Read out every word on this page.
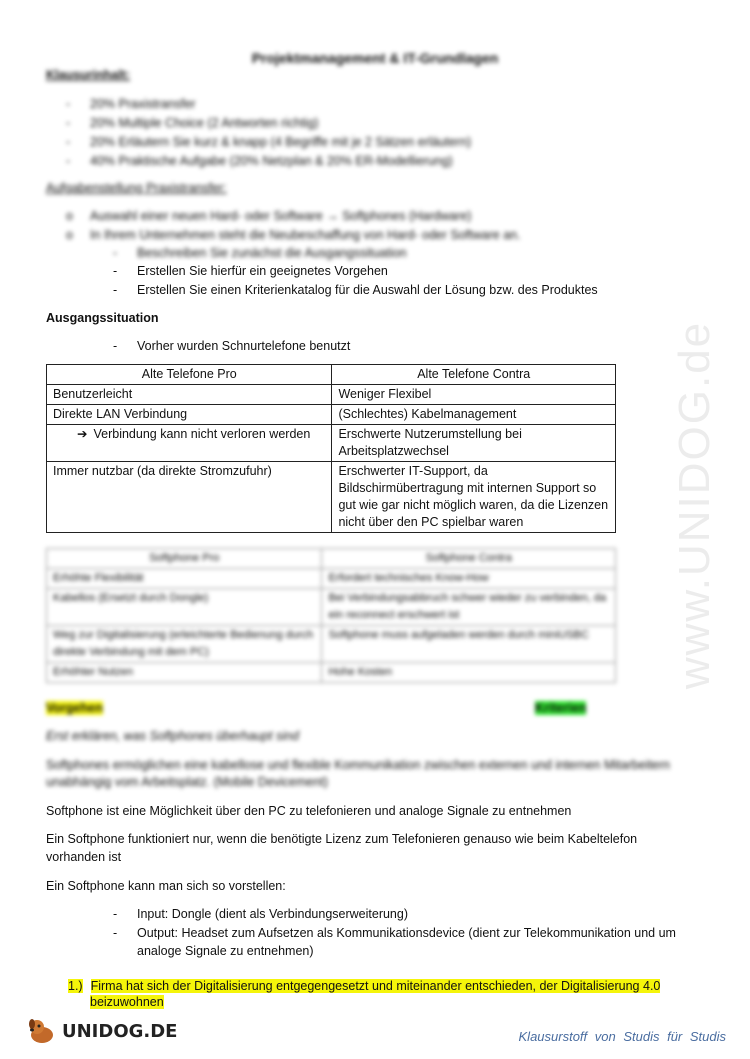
www.UNIDOG.de
Projektmanagement & IT-Grundlagen
Klausurinhalt:
- 20% Praxistransfer
- 20% Multiple Choice (2 Antworten richtig)
- 20% Erläutern Sie kurz & knapp (4 Begriffe mit je 2 Sätzen erläutern)
- 40% Praktische Aufgabe (20% Netzplan & 20% ER-Modellierung)
Aufgabenstellung Praxistransfer:
o Auswahl einer neuen Hard- oder Software → Softphones (Hardware)
o In Ihrem Unternehmen steht die Neubeschaffung von Hard- oder Software an.
- Beschreiben Sie zunächst die Ausgangssituation
- Erstellen Sie hierfür ein geeignetes Vorgehen
- Erstellen Sie einen Kriterienkatalog für die Auswahl der Lösung bzw. des Produktes
Ausgangssituation
- Vorher wurden Schnurtelefone benutzt
Alte Telefone Pro	Alte Telefone Contra
Benutzerleicht	Weniger Flexibel
Direkte LAN Verbindung	(Schlechtes) Kabelmanagement
➔ Verbindung kann nicht verloren werden	Erschwerte Nutzerumstellung bei Arbeitsplatzwechsel
Immer nutzbar (da direkte Stromzufuhr)	Erschwerter IT-Support, da Bildschirmübertragung mit internen Support so gut wie gar nicht möglich waren, da die Lizenzen nicht über den PC spielbar waren
Softphone Pro	Softphone Contra
Erhöhte Flexibilität	Erfordert technisches Know-How
Kabellos (Ersetzt durch Dongle)	Bei Verbindungsabbruch schwer wieder zu verbinden, da ein reconnect erschwert ist
Weg zur Digitalisierung (erleichterte Bedienung durch direkte Verbindung mit dem PC)	Softphone muss aufgeladen werden durch miniUSBC
Erhöhter Nutzen	Hohe Kosten
Vorgehen	Kriterien
Erst erklären, was Softphones überhaupt sind
Softphones ermöglichen eine kabellose und flexible Kommunikation zwischen externen und internen Mitarbeitern unabhängig vom Arbeitsplatz. (Mobile Devicement)
Softphone ist eine Möglichkeit über den PC zu telefonieren und analoge Signale zu entnehmen
Ein Softphone funktioniert nur, wenn die benötigte Lizenz zum Telefonieren genauso wie beim Kabeltelefon
vorhanden ist
Ein Softphone kann man sich so vorstellen:
- Input: Dongle (dient als Verbindungserweiterung)
- Output: Headset zum Aufsetzen als Kommunikationsdevice (dient zur Telekommunikation und um
analoge Signale zu entnehmen)
1.) Firma hat sich der Digitalisierung entgegengesetzt und miteinander entschieden, der Digitalisierung 4.0
beizuwohnen
UNIDOG.DE	Klausurstoff von Studis für Studis
